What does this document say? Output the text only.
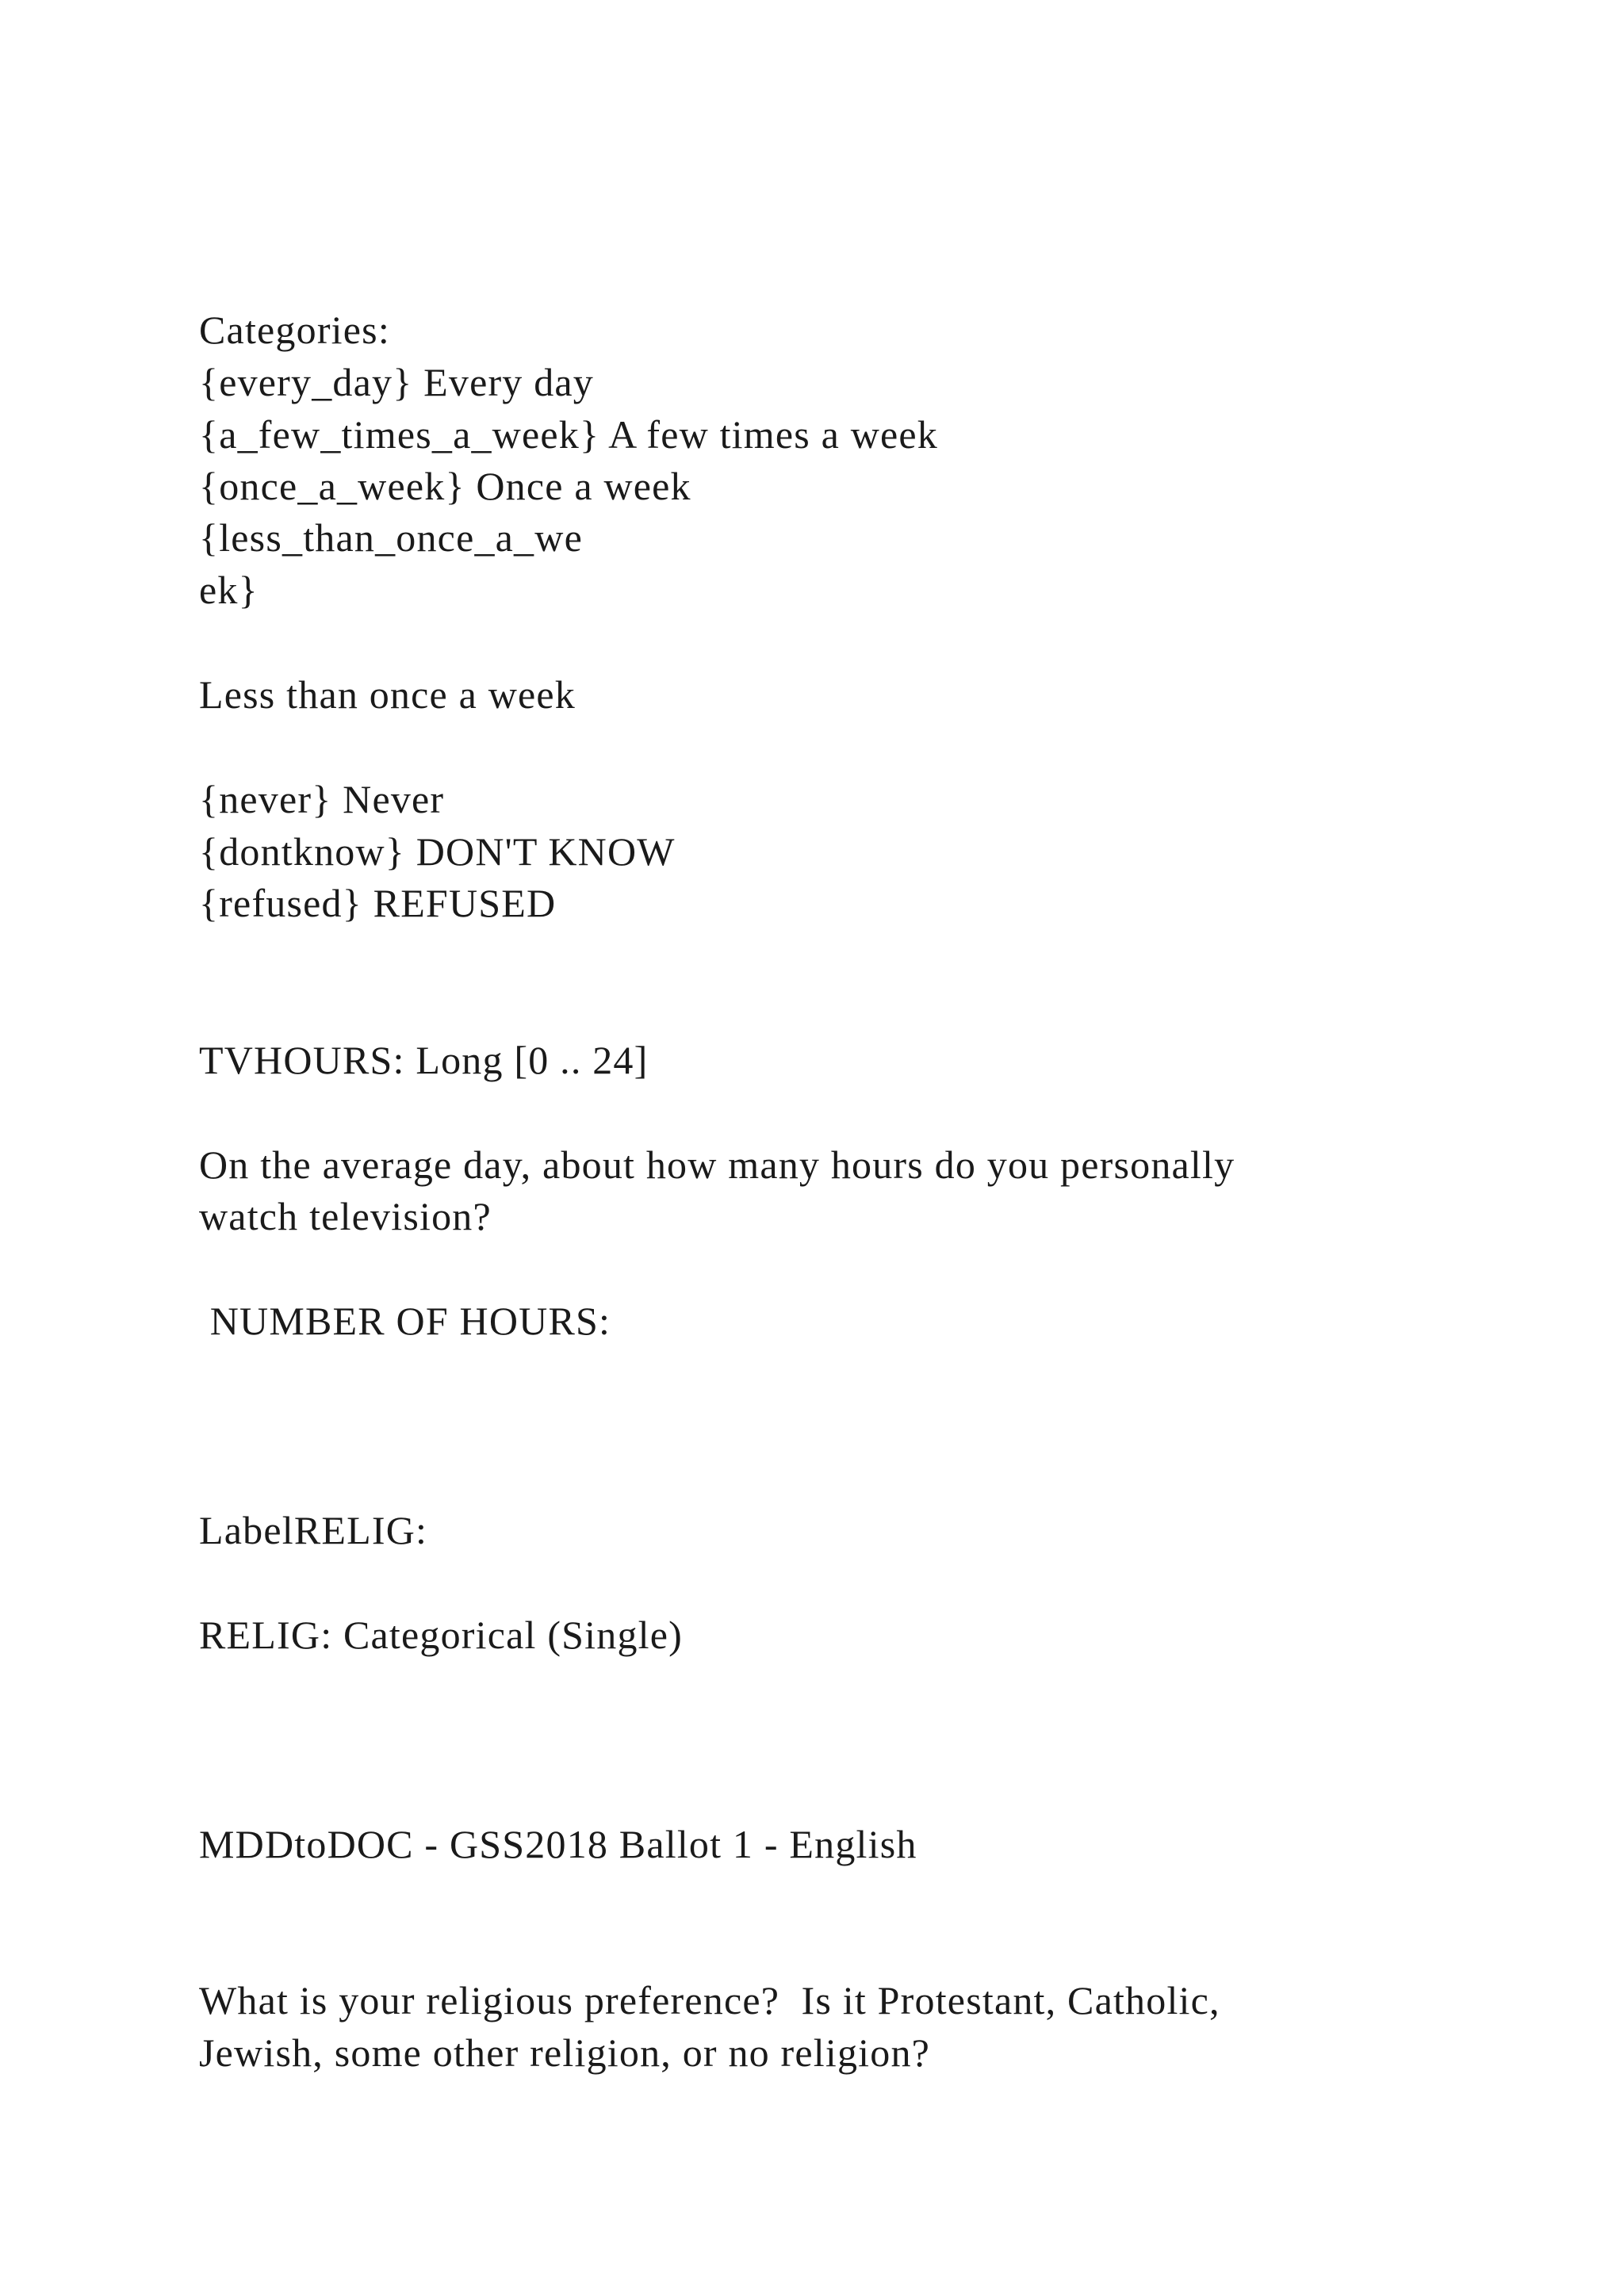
Categories:

{every_day} Every day

{a_few_times_a_week} A few times a week

{once_a_week} Once a week

{less_than_once_a_we

ek}

Less than once a week

{never} Never

{dontknow} DON'T KNOW

{refused} REFUSED

TVHOURS: Long [0 .. 24]

On the average day, about how many hours do you personally

watch television?

NUMBER OF HOURS:

LabelRELIG:

RELIG: Categorical (Single)

MDDtoDOC - GSS2018 Ballot 1 - English

What is your religious preference?  Is it Protestant, Catholic,

Jewish, some other religion, or no religion?
